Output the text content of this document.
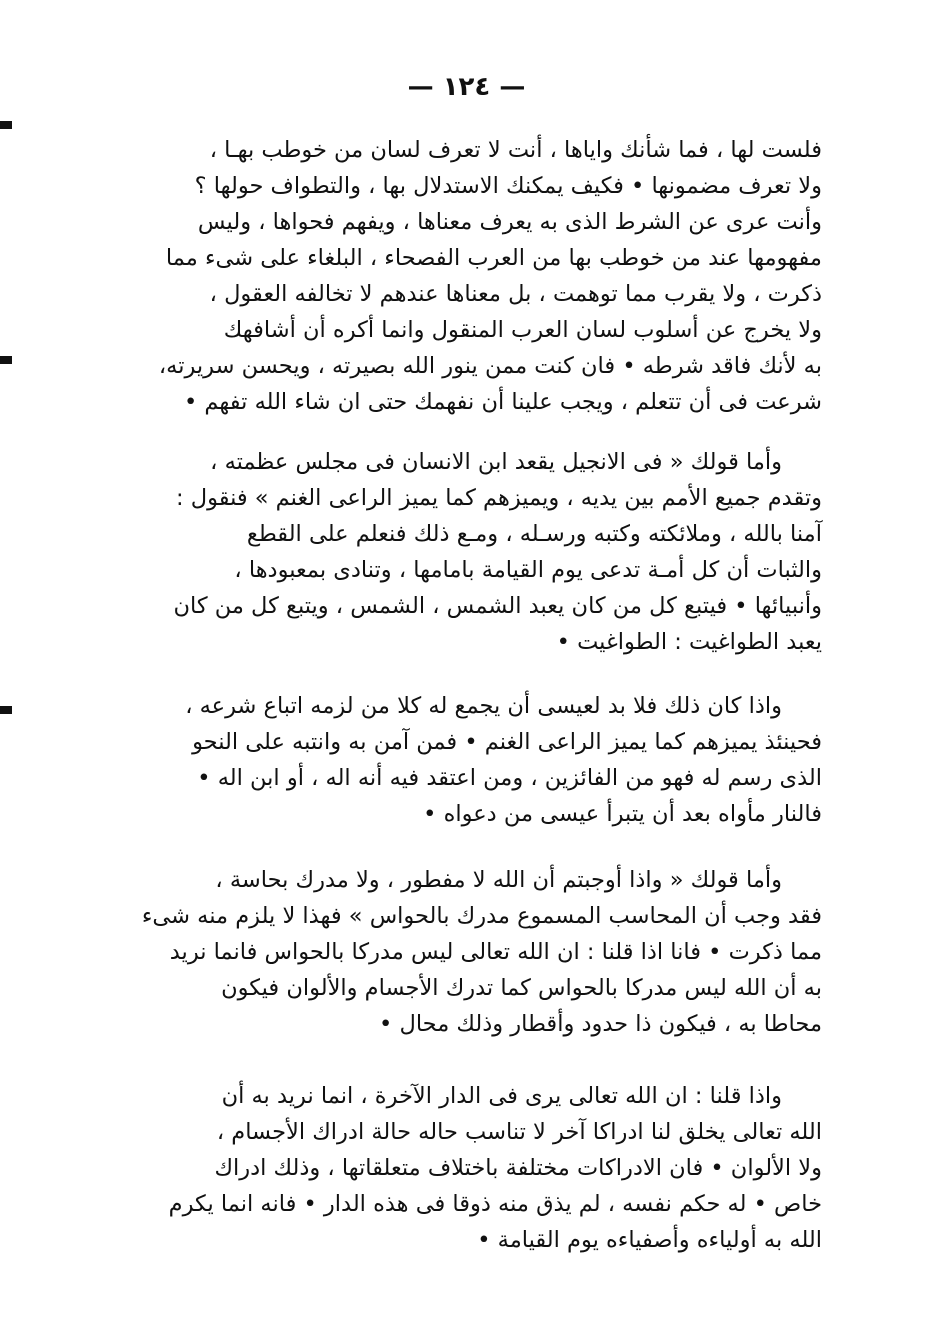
— ١٢٤ —
فلست لها ، فما شأنك واياها ، أنت لا تعرف لسان من خوطب بهـا ،
ولا تعرف مضمونها • فكيف يمكنك الاستدلال بها ، والتطواف حولها ؟
وأنت عرى عن الشرط الذى به يعرف معناها ، ويفهم فحواها ، وليس
مفهومها عند من خوطب بها من العرب الفصحاء ، البلغاء على شىء مما
ذكرت ، ولا يقرب مما توهمت ، بل معناها عندهم لا تخالفه العقول ،
ولا يخرج عن أسلوب لسان العرب المنقول وانما أكره أن أشافهك
به لأنك فاقد شرطه • فان كنت ممن ينور الله بصيرته ، ويحسن سريرته،
شرعت فى أن تتعلم ، ويجب علينا أن نفهمك حتى ان شاء الله تفهم •
وأما قولك « فى الانجيل يقعد ابن الانسان فى مجلس عظمته ،
وتقدم جميع الأمم بين يديه ، ويميزهم كما يميز الراعى الغنم » فنقول :
آمنا بالله ، وملائكته وكتبه ورسـله ، ومـع ذلك فنعلم على القطع
والثبات أن كل أمـة تدعى يوم القيامة بامامها ، وتنادى بمعبودها ،
وأنبيائها • فيتبع كل من كان يعبد الشمس ، الشمس ، ويتبع كل من كان
يعبد الطواغيت : الطواغيت •
واذا كان ذلك فلا بد لعيسى أن يجمع له كلا من لزمه اتباع شرعه ،
فحينئذ يميزهم كما يميز الراعى الغنم • فمن آمن به وانتبه على النحو
الذى رسم له فهو من الفائزين ، ومن اعتقد فيه أنه اله ، أو ابن اله •
فالنار مأواه بعد أن يتبرأ عيسى من دعواه •
وأما قولك « واذا أوجبتم أن الله لا مفطور ، ولا مدرك بحاسة ،
فقد وجب أن المحاسب المسموع مدرك بالحواس » فهذا لا يلزم منه شىء
مما ذكرت • فانا اذا قلنا : ان الله تعالى ليس مدركا بالحواس فانما نريد
به أن الله ليس مدركا بالحواس كما تدرك الأجسام والألوان فيكون
محاطا به ، فيكون ذا حدود وأقطار وذلك محال •
واذا قلنا : ان الله تعالى يرى فى الدار الآخرة ، انما نريد به أن
الله تعالى يخلق لنا ادراكا آخر لا تناسب حاله حالة ادراك الأجسام ،
ولا الألوان • فان الادراكات مختلفة باختلاف متعلقاتها ، وذلك ادراك
خاص • له حكم نفسه ، لم يذق منه ذوقا فى هذه الدار • فانه انما يكرم
الله به أولياءه وأصفياءه يوم القيامة •
